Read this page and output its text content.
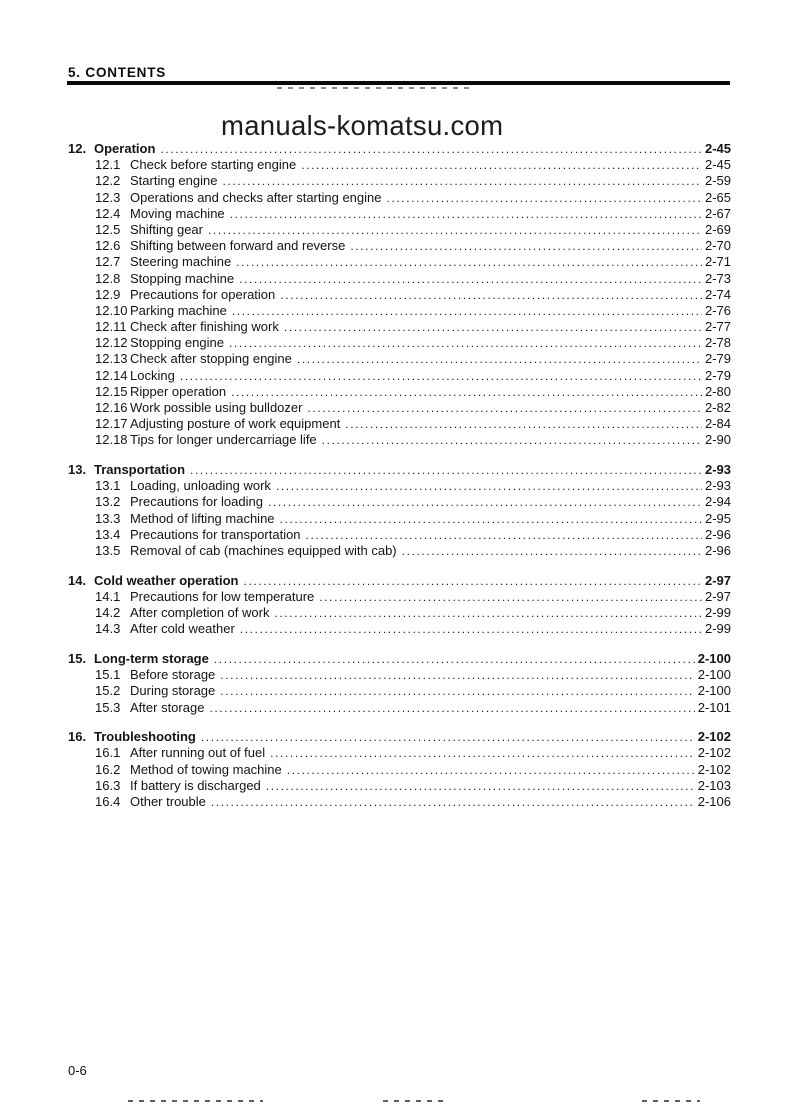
5. CONTENTS
manuals-komatsu.com
12. Operation .....	2-45
12.1 Check before starting engine .....	2-45
12.2 Starting engine .....	2-59
12.3 Operations and checks after starting engine .....	2-65
12.4 Moving machine .....	2-67
12.5 Shifting gear .....	2-69
12.6 Shifting between forward and reverse .....	2-70
12.7 Steering machine .....	2-71
12.8 Stopping machine .....	2-73
12.9 Precautions for operation .....	2-74
12.10 Parking machine .....	2-76
12.11 Check after finishing work .....	2-77
12.12 Stopping engine .....	2-78
12.13 Check after stopping engine .....	2-79
12.14 Locking .....	2-79
12.15 Ripper operation .....	2-80
12.16 Work possible using bulldozer .....	2-82
12.17 Adjusting posture of work equipment .....	2-84
12.18 Tips for longer undercarriage life .....	2-90
13. Transportation .....	2-93
13.1 Loading, unloading work .....	2-93
13.2 Precautions for loading .....	2-94
13.3 Method of lifting machine .....	2-95
13.4 Precautions for transportation .....	2-96
13.5 Removal of cab (machines equipped with cab) .....	2-96
14. Cold weather operation .....	2-97
14.1 Precautions for low temperature .....	2-97
14.2 After completion of work .....	2-99
14.3 After cold weather .....	2-99
15. Long-term storage .....	2-100
15.1 Before storage .....	2-100
15.2 During storage .....	2-100
15.3 After storage .....	2-101
16. Troubleshooting .....	2-102
16.1 After running out of fuel .....	2-102
16.2 Method of towing machine .....	2-102
16.3 If battery is discharged .....	2-103
16.4 Other trouble .....	2-106
0-6
